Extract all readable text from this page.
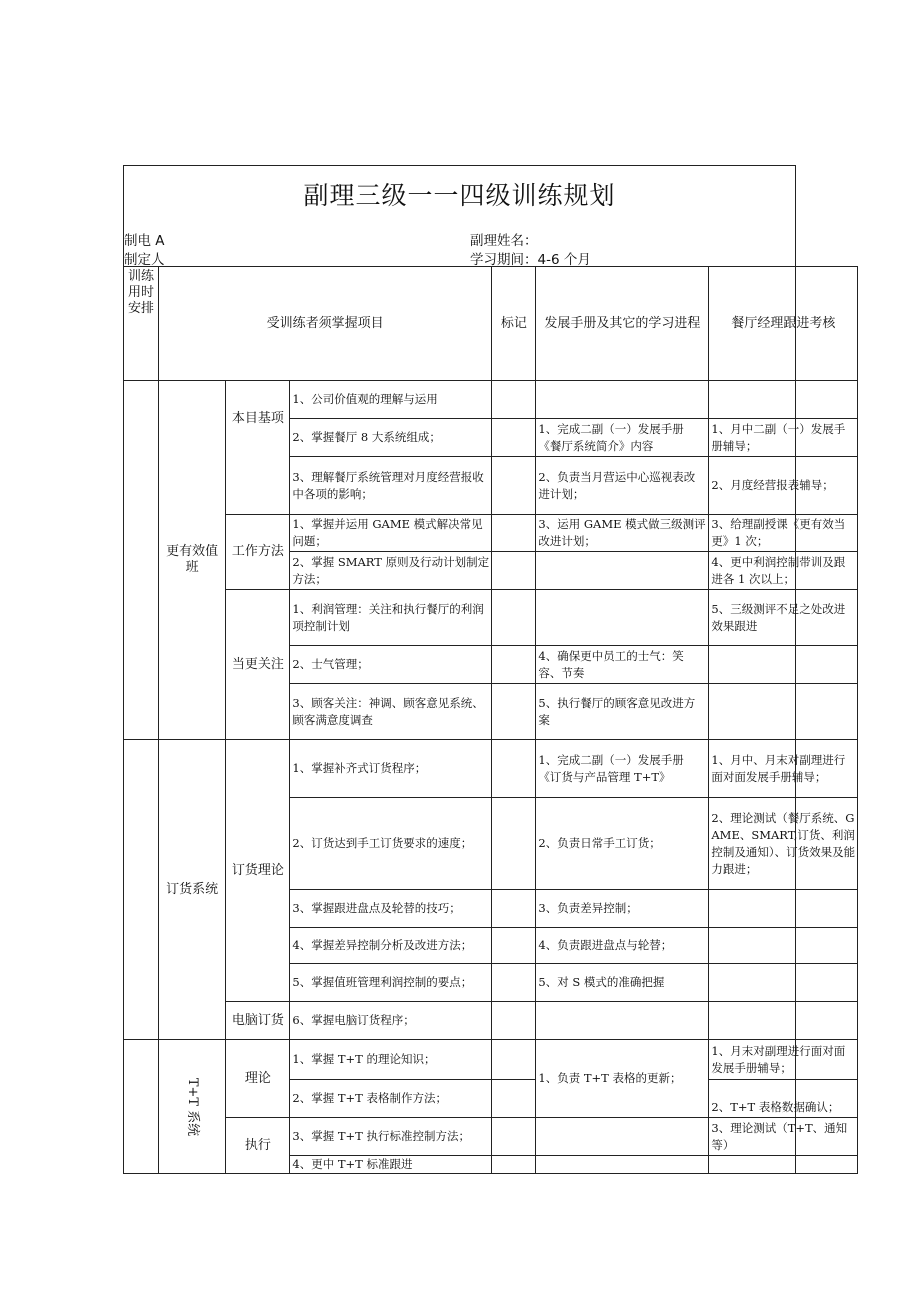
副理三级一一四级训练规划
制电 A
制定人
副理姓名：
学习期间：4-6 个月
训练用时安排	受训练者须掌握项目			标记	发展手册及其它的学习进程	餐厅经理跟进考核
	更有效值班	本目基项	1、公司价值观的理解与运用			
			2、掌握餐厅 8 大系统组成；		1、完成二副（一）发展手册《餐厅系统简介》内容	1、月中二副（一）发展手册辅导；
			3、理解餐厅系统管理对月度经营报收中各项的影响；		2、负责当月营运中心巡视表改进计划；	2、月度经营报表辅导；
		工作方法	1、掌握并运用 GAME 模式解决常见问题；		3、运用 GAME 模式做三级测评改进计划；	3、给理副授课《更有效当更》1 次；
			2、掌握 SMART 原则及行动计划制定方法；			4、更中利润控制带训及跟进各 1 次以上；
		当更关注	1、利润管理：关注和执行餐厅的利润项控制计划			5、三级测评不足之处改进效果跟进
			2、士气管理；		4、确保更中员工的士气：笑容、节奏	
			3、顾客关注：神调、顾客意见系统、顾客满意度调查		5、执行餐厅的顾客意见改进方案	
	订货系统	订货理论	1、掌握补齐式订货程序；		1、完成二副（一）发展手册《订货与产品管理 T+T》	1、月中、月末对副理进行面对面发展手册辅导；
			2、订货达到手工订货要求的速度；		2、负责日常手工订货；	2、理论测试（餐厅系统、GAME、SMART,订货、利润控制及通知）、订货效果及能力跟进；
			3、掌握跟进盘点及轮替的技巧；		3、负责差异控制；	
			4、掌握差异控制分析及改进方法；		4、负责跟进盘点与轮替；	
			5、掌握值班管理利润控制的要点；		5、对 S 模式的准确把握	
		电脑订货	6、掌握电脑订货程序；			
	T+T 系统	理论	1、掌握 T+T 的理论知识；		1、负责 T+T 表格的更新；	1、月末对副理进行面对面发展手册辅导；
			2、掌握 T+T 表格制作方法；			2、T+T 表格数据确认；
		执行	3、掌握 T+T 执行标准控制方法；			3、理论测试（T+T、通知等）
			4、更中 T+T 标准跟进			
